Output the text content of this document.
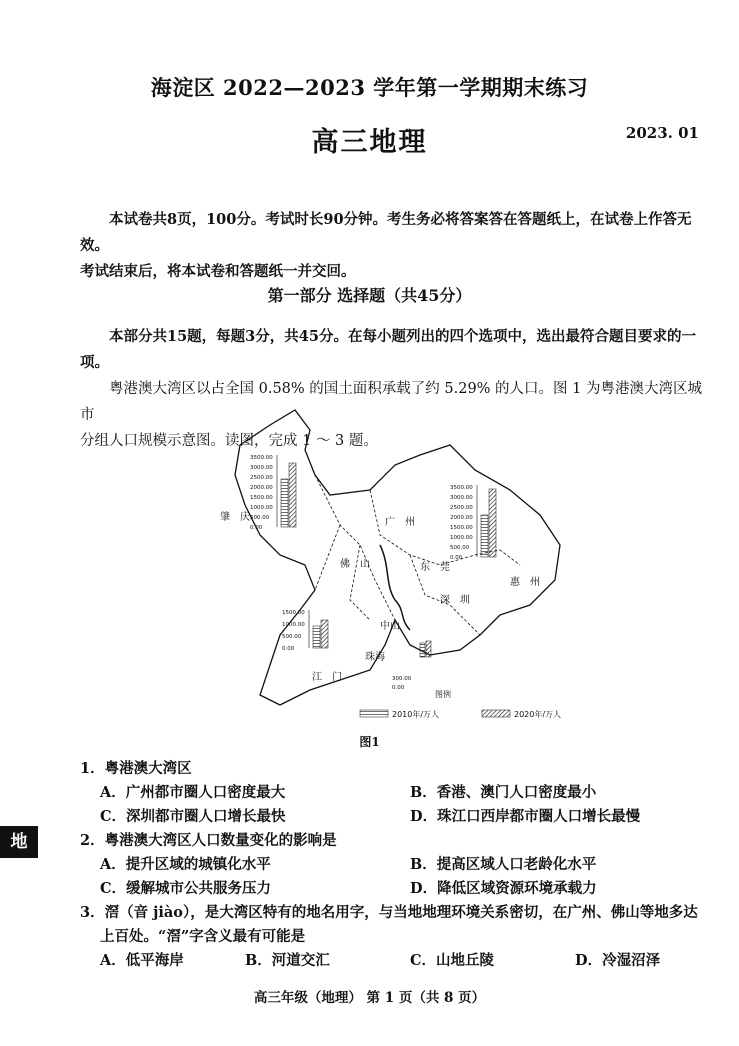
海淀区 2022—2023 学年第一学期期末练习
高三地理	2023. 01

本试卷共8页，100分。考试时长90分钟。考生务必将答案答在答题纸上，在试卷上作答无效。

考试结束后，将本试卷和答题纸一并交回。

第一部分 选择题（共45分）

本部分共15题，每题3分，共45分。在每小题列出的四个选项中，选出最符合题目要求的一项。

粤港澳大湾区以占全国 0.58% 的国土面积承载了约 5.29% 的人口。图 1 为粤港澳大湾区城市

分组人口规模示意图。读图，完成 1 ～ 3 题。

肇　庆	广　州
佛　山	东　莞
惠　州
深　圳
中山
珠海
江　门
3500.00
3000.00
2500.00
2000.00
1500.00
1000.00
500.00
0.00
3500.00
3000.00
2500.00
2000.00
1500.00
1000.00
500.00
0.00
1500.00
1000.00
500.00
0.00
300.00
0.00
图例
2010年/万人	2020年/万人
图1
1．粤港澳大湾区
A．广州都市圈人口密度最大	B．香港、澳门人口密度最小
C．深圳都市圈人口增长最快	D．珠江口西岸都市圈人口增长最慢
地	2．粤港澳大湾区人口数量变化的影响是
A．提升区域的城镇化水平	B．提高区域人口老龄化水平
C．缓解城市公共服务压力	D．降低区域资源环境承载力
3．滘（音 jiào），是大湾区特有的地名用字，与当地地理环境关系密切，在广州、佛山等地多达
上百处。“滘”字含义最有可能是
A．低平海岸	B．河道交汇	C．山地丘陵	D．冷湿沼泽
高三年级（地理） 第 1 页（共 8 页）
